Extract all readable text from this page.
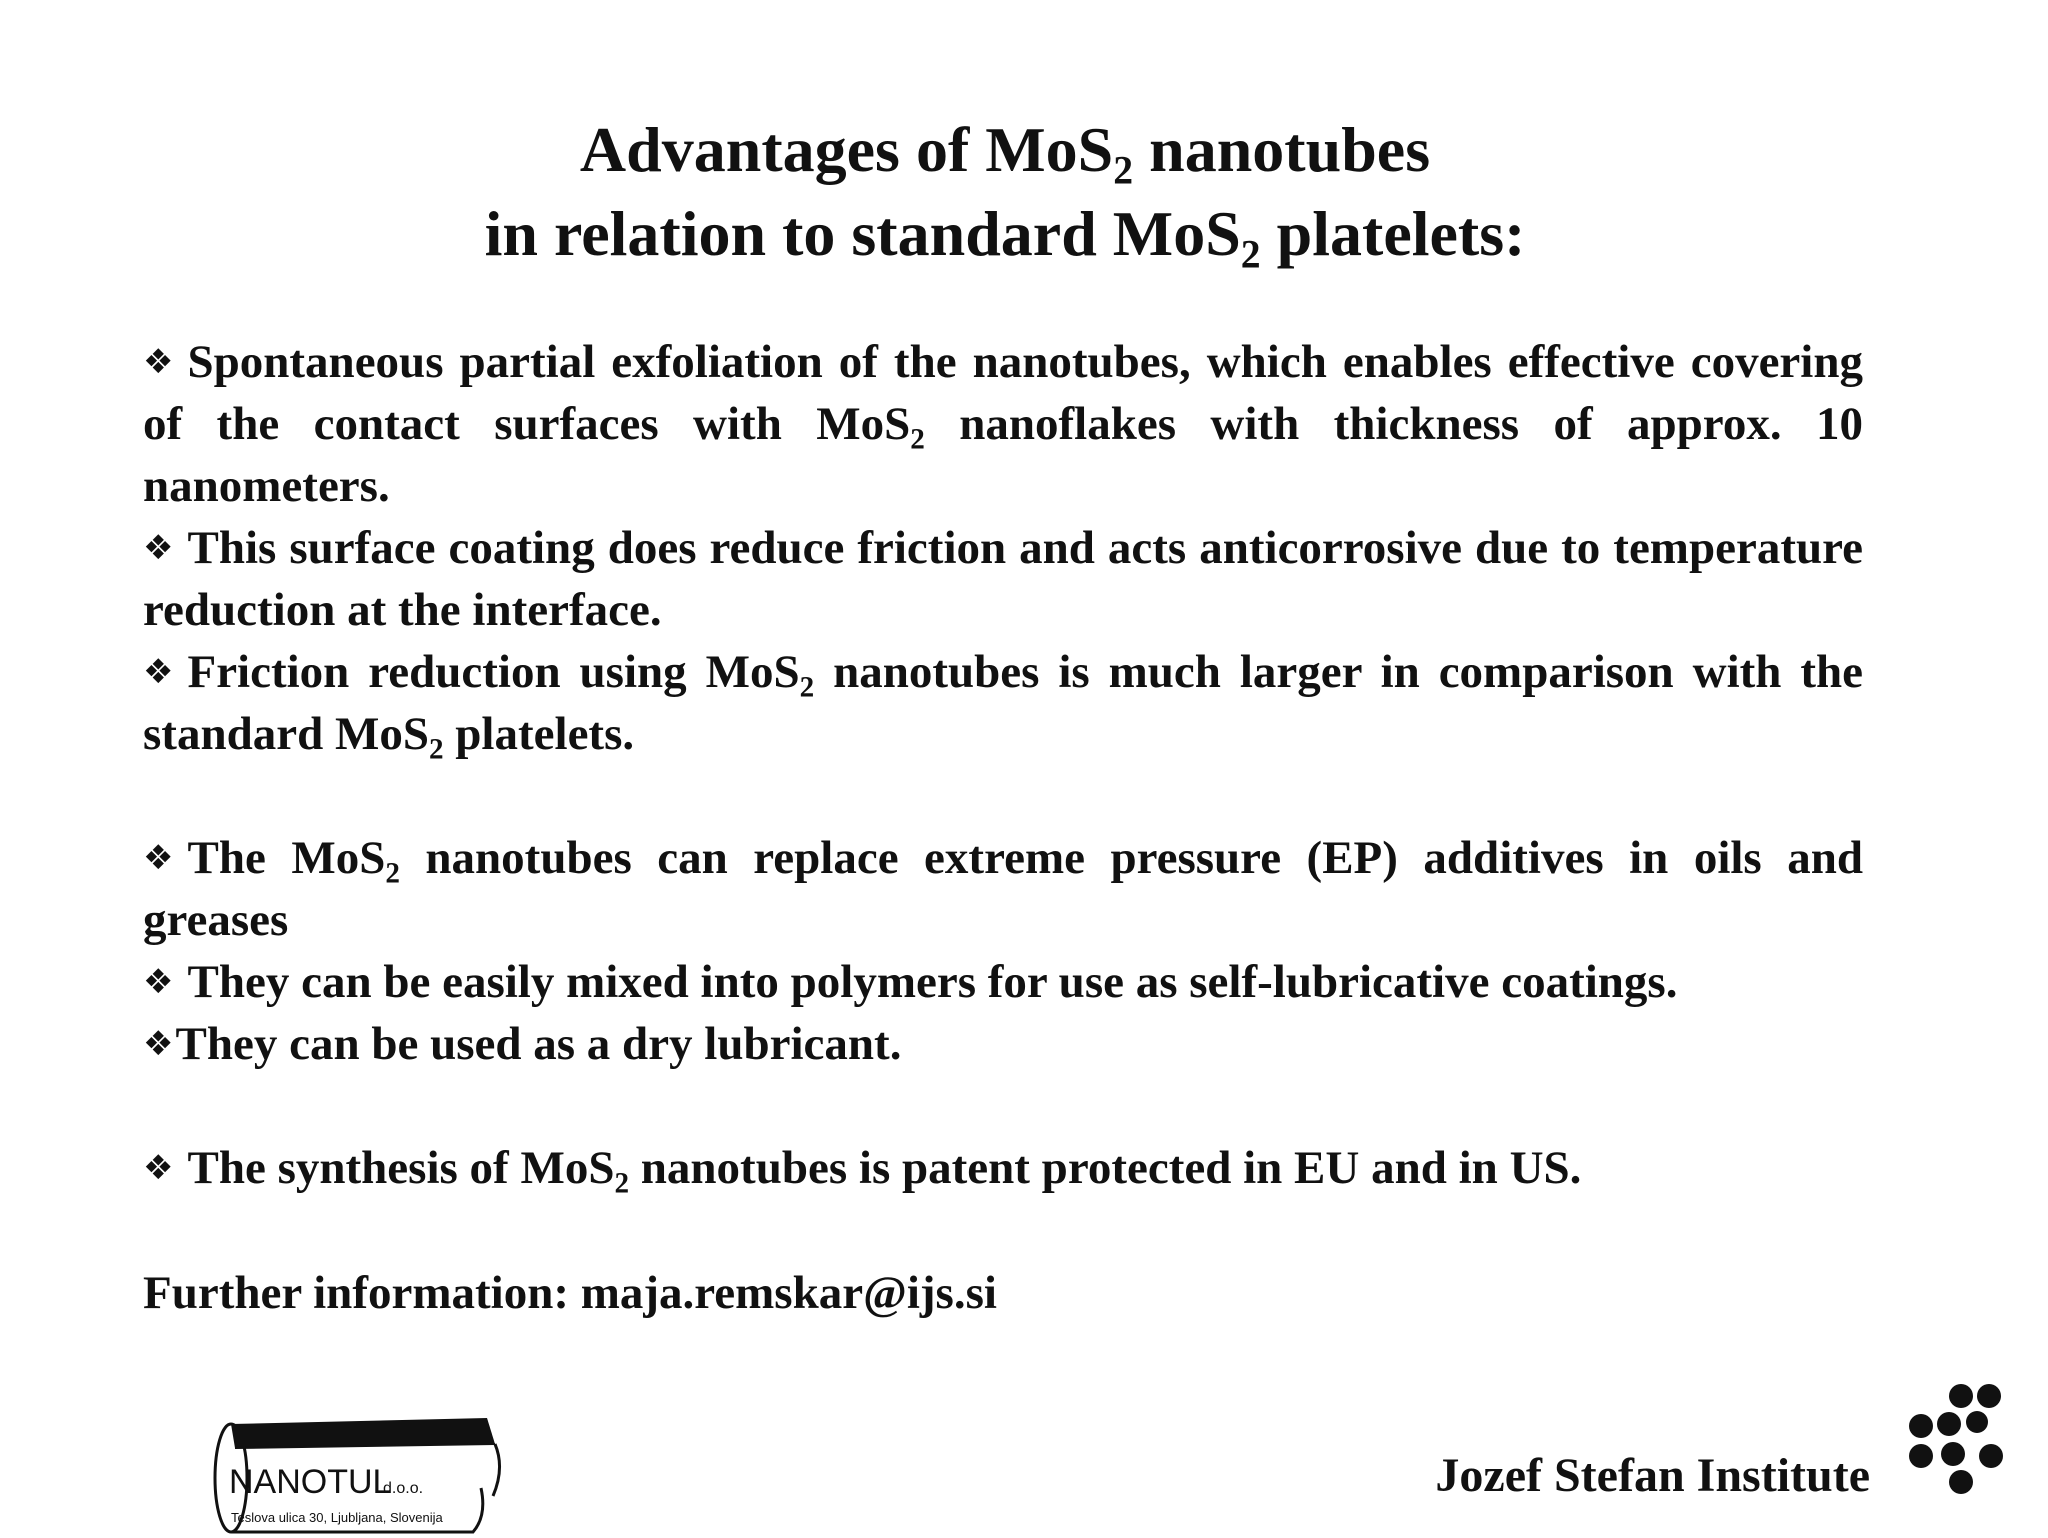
Advantages of MoS$_2$ nanotubes
in relation to standard MoS$_2$ platelets:

❖ Spontaneous partial exfoliation of the nanotubes, which enables effective covering of the contact surfaces with MoS$_2$ nanoflakes with thickness of approx. 10 nanometers.

❖ This surface coating does reduce friction and acts anticorrosive due to temperature reduction at the interface.

❖ Friction reduction using MoS$_2$ nanotubes is much larger in comparison with the standard MoS$_2$ platelets.

❖ The MoS$_2$ nanotubes can replace extreme pressure (EP) additives in oils and greases

❖ They can be easily mixed into polymers for use as self-lubricative coatings.

❖They can be used as a dry lubricant.

❖ The synthesis of MoS$_2$ nanotubes is patent protected in EU and in US.

Further information: maja.remskar@ijs.si
NANOTUL
d.o.o.
Teslova ulica 30, Ljubljana, Slovenija
Jozef Stefan Institute
